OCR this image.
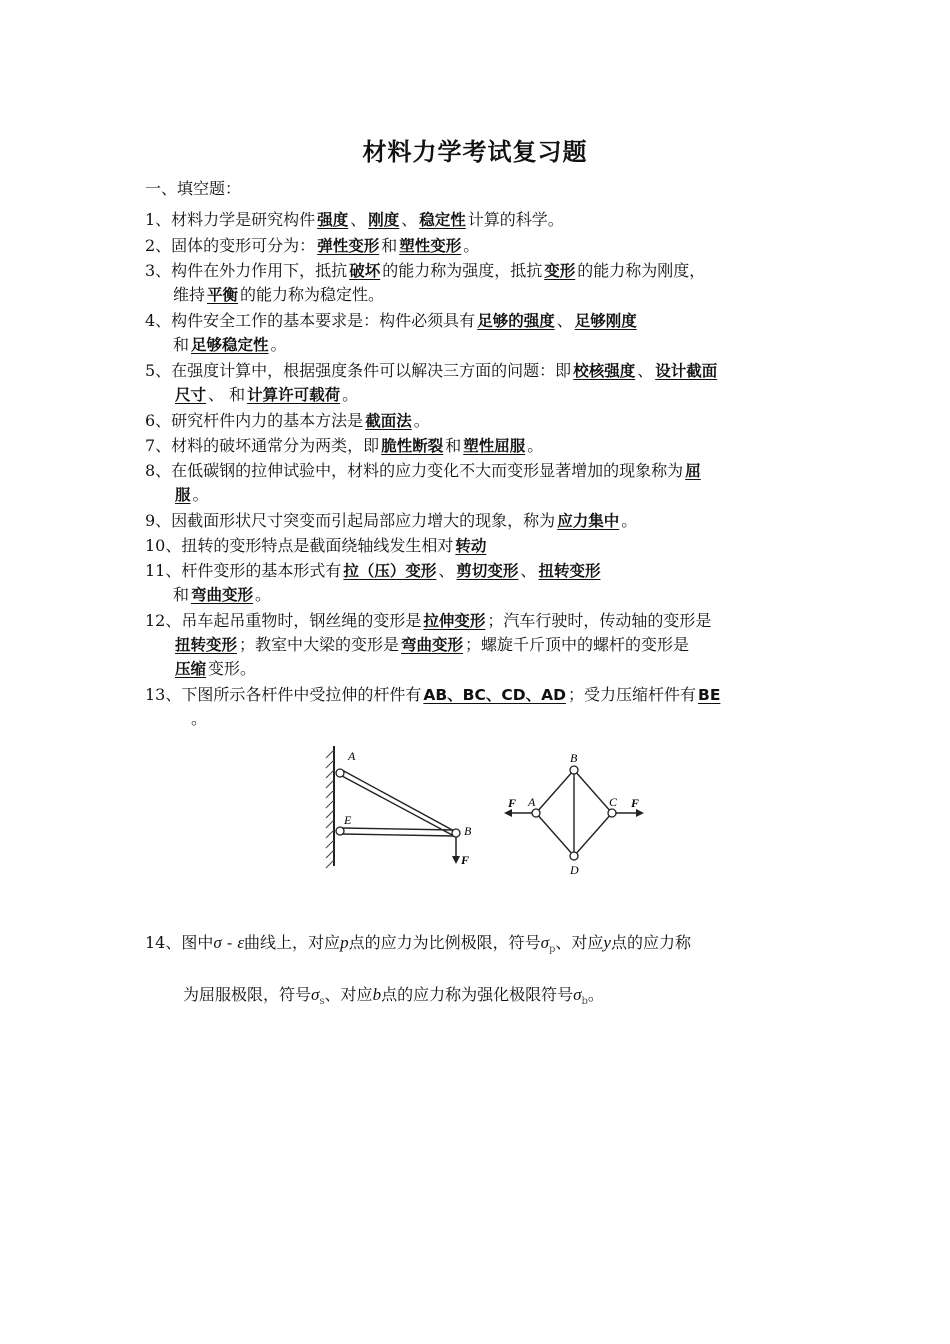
材料力学考试复习题
一、填空题：
1、材料力学是研究构件 强度 、 刚度 、 稳定性 计算的科学。
2、固体的变形可分为： 弹性变形 和 塑性变形 。
3、构件在外力作用下，抵抗 破坏 的能力称为强度，抵抗 变形 的能力称为刚度，
维持 平衡 的能力称为稳定性。
4、构件安全工作的基本要求是：构件必须具有 足够的强度 、 足够刚度
和 足够稳定性 。
5、在强度计算中，根据强度条件可以解决三方面的问题：即 校核强度 、 设计截面
尺寸 、 和 计算许可载荷 。
6、研究杆件内力的基本方法是 截面法 。
7、材料的破坏通常分为两类，即 脆性断裂 和 塑性屈服 。
8、在低碳钢的拉伸试验中，材料的应力变化不大而变形显著增加的现象称为 屈
服 。
9、因截面形状尺寸突变而引起局部应力增大的现象，称为 应力集中 。
10、扭转的变形特点是截面绕轴线发生相对 转动
11、杆件变形的基本形式有 拉（压）变形 、 剪切变形 、 扭转变形
和 弯曲变形 。
12、吊车起吊重物时，钢丝绳的变形是 拉伸变形 ；汽车行驶时，传动轴的变形是
扭转变形 ；教室中大梁的变形是 弯曲变形 ；螺旋千斤顶中的螺杆的变形是
压缩 变形。
13、下图所示各杆件中受拉伸的杆件有 AB、BC、CD、AD ；受力压缩杆件有 BE
。
A
E
B
F
B
A	C
D
F	F
14、图中σ - ε曲线上，对应p点的应力为比例极限，符号$\sigma_p$、对应y点的应力称
为屈服极限，符号$\sigma_s$、对应b点的应力称为强化极限符号$\sigma_b$。
